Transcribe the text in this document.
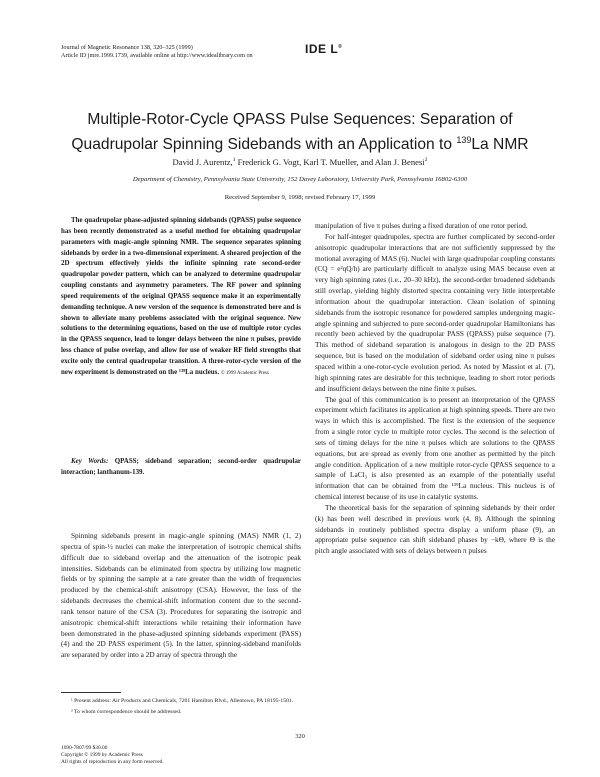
Journal of Magnetic Resonance 138, 320–325 (1999)
Article ID jmre.1999.1739, available online at http://www.idealibrary.com on	IDE L®
Multiple-Rotor-Cycle QPASS Pulse Sequences: Separation of
Quadrupolar Spinning Sidebands with an Application to $^{139}$La NMR
David J. Aurentz,$^1$ Frederick G. Vogt, Karl T. Mueller, and Alan J. Benesi$^2$
Department of Chemistry, Pennsylvania State University, 152 Davey Laboratory, University Park, Pennsylvania 16802-6300
Received September 9, 1998; revised February 17, 1999

The quadrupolar phase-adjusted spinning sidebands (QPASS) pulse sequence has been recently demonstrated as a useful method for obtaining quadrupolar parameters with magic-angle spinning NMR. The sequence separates spinning sidebands by order in a two-dimensional experiment. A sheared projection of the 2D spectrum effectively yields the infinite spinning rate second-order quadrupolar powder pattern, which can be analyzed to determine quadrupolar coupling constants and asymmetry parameters. The RF power and spinning speed requirements of the original QPASS sequence make it an experimentally demanding technique. A new version of the sequence is demonstrated here and is shown to alleviate many problems associated with the original sequence. New solutions to the determining equations, based on the use of multiple rotor cycles in the QPASS sequence, lead to longer delays between the nine π pulses, provide less chance of pulse overlap, and allow for use of weaker RF field strengths that excite only the central quadrupolar transition. A three-rotor-cycle version of the new experiment is demonstrated on the ¹³⁹La nucleus. © 1999 Academic Press

Key Words: QPASS; sideband separation; second-order quadrupolar interaction; lanthanum-139.

Spinning sidebands present in magic-angle spinning (MAS) NMR (1, 2) spectra of spin-½ nuclei can make the interpretation of isotropic chemical shifts difficult due to sideband overlap and the attenuation of the isotropic peak intensities. Sidebands can be eliminated from spectra by utilizing low magnetic fields or by spinning the sample at a rate greater than the width of frequencies produced by the chemical-shift anisotropy (CSA). However, the loss of the sidebands decreases the chemical-shift information content due to the second-rank tensor nature of the CSA (3). Procedures for separating the isotropic and anisotropic chemical-shift interactions while retaining their information have been demonstrated in the phase-adjusted spinning sidebands experiment (PASS) (4) and the 2D PASS experiment (5). In the latter, spinning-sideband manifolds are separated by order into a 2D array of spectra through the

¹ Present address: Air Products and Chemicals, 7201 Hamilton Blvd., Allentown, PA 18195-1501.

² To whom correspondence should be addressed.

manipulation of five π pulses during a fixed duration of one rotor period.

For half-integer quadrupoles, spectra are further complicated by second-order anisotropic quadrupolar interactions that are not sufficiently suppressed by the motional averaging of MAS (6). Nuclei with large quadrupolar coupling constants (CQ = e²qQ/h) are particularly difficult to analyze using MAS because even at very high spinning rates (i.e., 20–30 kHz), the second-order broadened sidebands still overlap, yielding highly distorted spectra containing very little interpretable information about the quadrupolar interaction. Clean isolation of spinning sidebands from the isotropic resonance for powdered samples undergoing magic-angle spinning and subjected to pure second-order quadrupolar Hamiltonians has recently been achieved by the quadrupolar PASS (QPASS) pulse sequence (7). This method of sideband separation is analogous in design to the 2D PASS sequence, but is based on the modulation of sideband order using nine π pulses spaced within a one-rotor-cycle evolution period. As noted by Massiot et al. (7), high spinning rates are desirable for this technique, leading to short rotor periods and insufficient delays between the nine finite π pulses.

The goal of this communication is to present an interpretation of the QPASS experiment which facilitates its application at high spinning speeds. There are two ways in which this is accomplished. The first is the extension of the sequence from a single rotor cycle to multiple rotor cycles. The second is the selection of sets of timing delays for the nine π pulses which are solutions to the QPASS equations, but are spread as evenly from one another as permitted by the pitch angle condition. Application of a new multiple rotor-cycle QPASS sequence to a sample of LaCl₃ is also presented as an example of the potentially useful information that can be obtained from the ¹³⁹La nucleus. This nucleus is of chemical interest because of its use in catalytic systems.

The theoretical basis for the separation of spinning sidebands by their order (k) has been well described in previous work (4, 8). Although the spinning sidebands in routinely published spectra display a uniform phase (9), an appropriate pulse sequence can shift sideband phases by −kΘ, where Θ is the pitch angle associated with sets of delays between π pulses

320
1090-7807/99 $30.00
Copyright © 1999 by Academic Press
All rights of reproduction in any form reserved.
